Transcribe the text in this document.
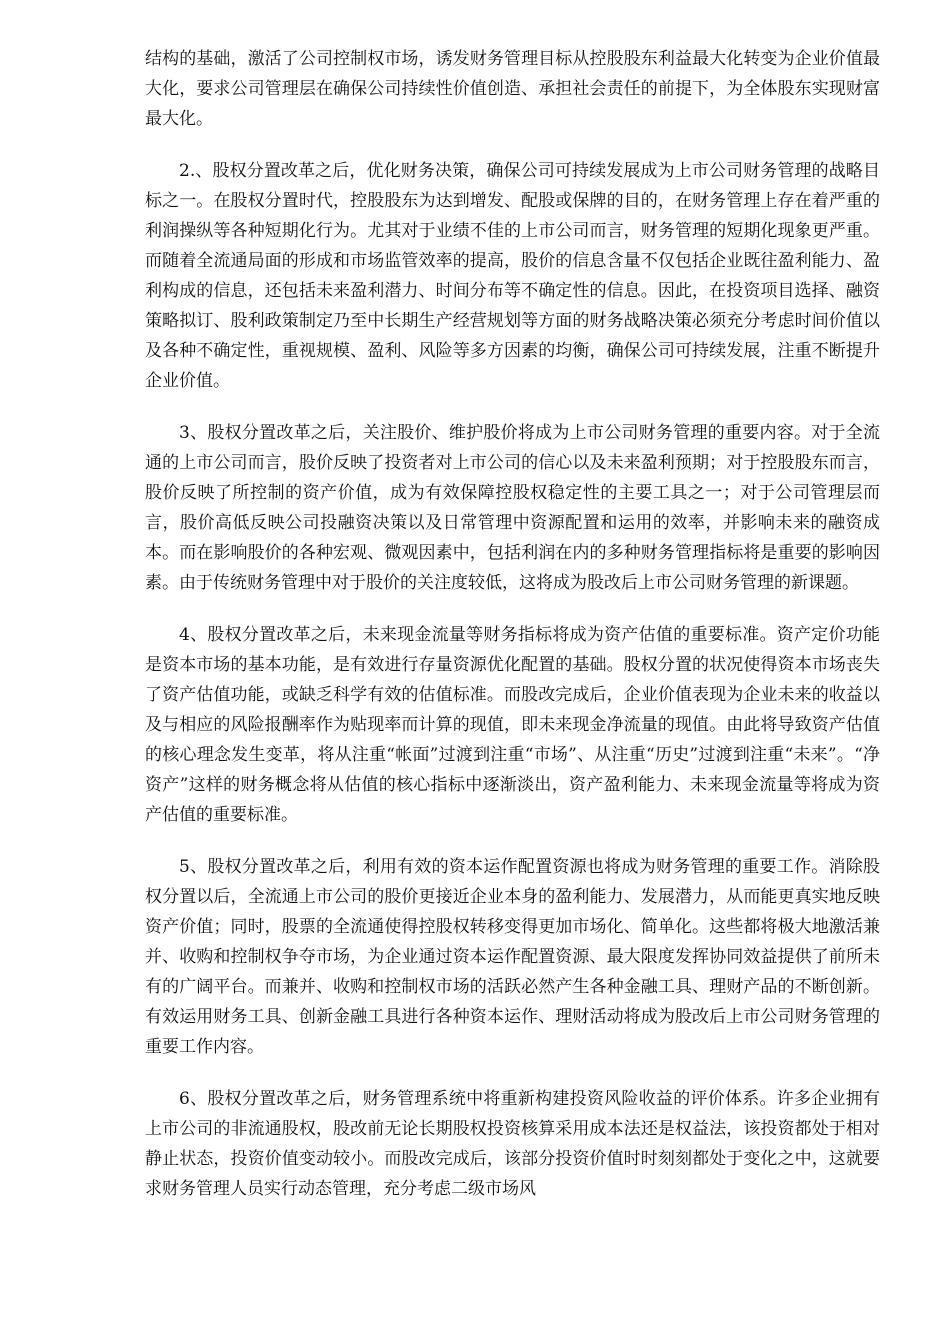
结构的基础，激活了公司控制权市场，诱发财务管理目标从控股股东利益最大化转变为企业价值最大化，要求公司管理层在确保公司持续性价值创造、承担社会责任的前提下，为全体股东实现财富最大化。

2.、股权分置改革之后，优化财务决策，确保公司可持续发展成为上市公司财务管理的战略目标之一。在股权分置时代，控股股东为达到增发、配股或保牌的目的，在财务管理上存在着严重的利润操纵等各种短期化行为。尤其对于业绩不佳的上市公司而言，财务管理的短期化现象更严重。而随着全流通局面的形成和市场监管效率的提高，股价的信息含量不仅包括企业既往盈利能力、盈利构成的信息，还包括未来盈利潜力、时间分布等不确定性的信息。因此，在投资项目选择、融资策略拟订、股利政策制定乃至中长期生产经营规划等方面的财务战略决策必须充分考虑时间价值以及各种不确定性，重视规模、盈利、风险等多方因素的均衡，确保公司可持续发展，注重不断提升企业价值。

3、股权分置改革之后，关注股价、维护股价将成为上市公司财务管理的重要内容。对于全流通的上市公司而言，股价反映了投资者对上市公司的信心以及未来盈利预期；对于控股股东而言，股价反映了所控制的资产价值，成为有效保障控股权稳定性的主要工具之一；对于公司管理层而言，股价高低反映公司投融资决策以及日常管理中资源配置和运用的效率，并影响未来的融资成本。而在影响股价的各种宏观、微观因素中，包括利润在内的多种财务管理指标将是重要的影响因素。由于传统财务管理中对于股价的关注度较低，这将成为股改后上市公司财务管理的新课题。

4、股权分置改革之后，未来现金流量等财务指标将成为资产估值的重要标准。资产定价功能是资本市场的基本功能，是有效进行存量资源优化配置的基础。股权分置的状况使得资本市场丧失了资产估值功能，或缺乏科学有效的估值标准。而股改完成后，企业价值表现为企业未来的收益以及与相应的风险报酬率作为贴现率而计算的现值，即未来现金净流量的现值。由此将导致资产估值的核心理念发生变革，将从注重“帐面”过渡到注重“市场”、从注重“历史”过渡到注重“未来”。“净资产”这样的财务概念将从估值的核心指标中逐渐淡出，资产盈利能力、未来现金流量等将成为资产估值的重要标准。

5、股权分置改革之后，利用有效的资本运作配置资源也将成为财务管理的重要工作。消除股权分置以后，全流通上市公司的股价更接近企业本身的盈利能力、发展潜力，从而能更真实地反映资产价值；同时，股票的全流通使得控股权转移变得更加市场化、简单化。这些都将极大地激活兼并、收购和控制权争夺市场，为企业通过资本运作配置资源、最大限度发挥协同效益提供了前所未有的广阔平台。而兼并、收购和控制权市场的活跃必然产生各种金融工具、理财产品的不断创新。有效运用财务工具、创新金融工具进行各种资本运作、理财活动将成为股改后上市公司财务管理的重要工作内容。

6、股权分置改革之后，财务管理系统中将重新构建投资风险收益的评价体系。许多企业拥有上市公司的非流通股权，股改前无论长期股权投资核算采用成本法还是权益法，该投资都处于相对静止状态，投资价值变动较小。而股改完成后，该部分投资价值时时刻刻都处于变化之中，这就要求财务管理人员实行动态管理，充分考虑二级市场风
